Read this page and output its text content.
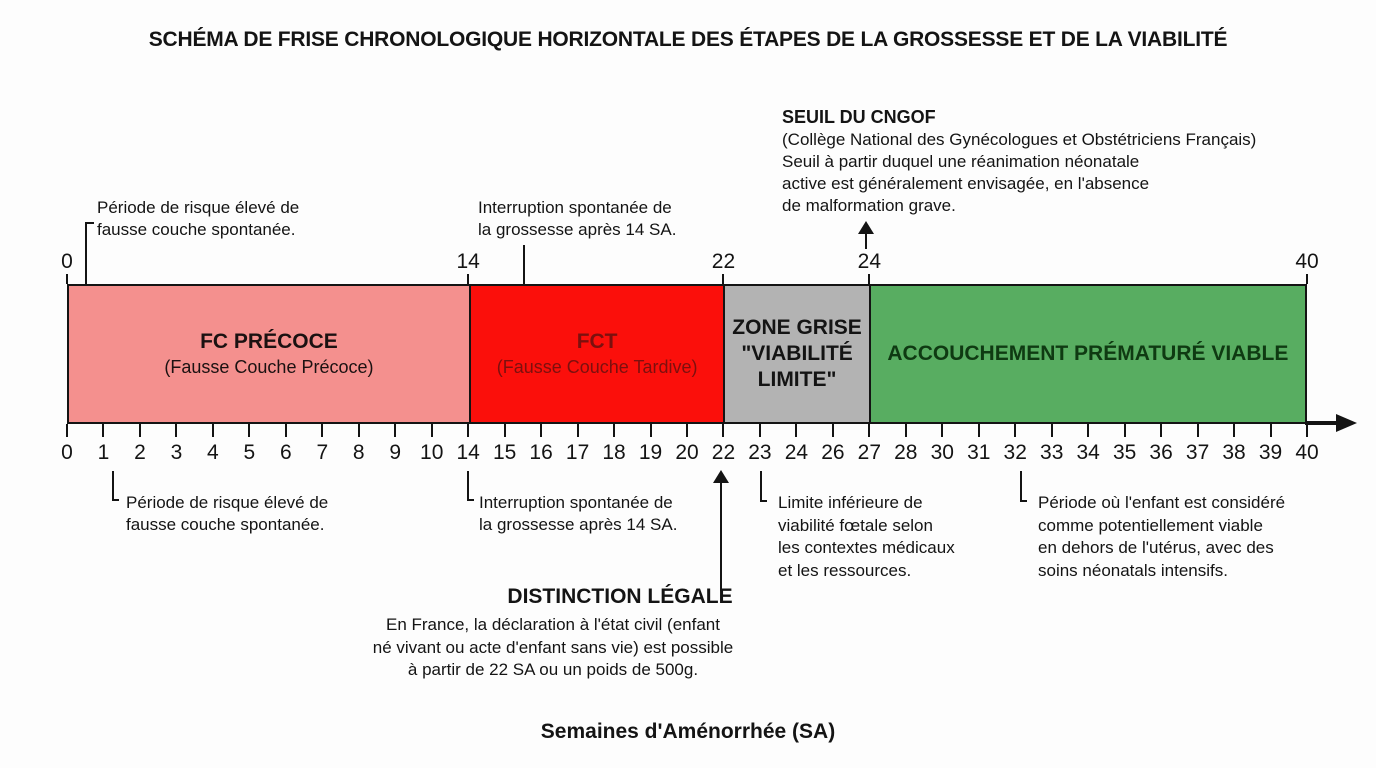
SCHÉMA DE FRISE CHRONOLOGIQUE HORIZONTALE DES ÉTAPES DE LA GROSSESSE ET DE LA VIABILITÉ
SEUIL DU CNGOF
(Collège National des Gynécologues et Obstétriciens Français)
Seuil à partir duquel une réanimation néonatale
active est généralement envisagée, en l'absence
de malformation grave.
Période de risque élevé de
fausse couche spontanée.
Interruption spontanée de
la grossesse après 14 SA.
0	14	22	24	40
FC PRÉCOCE
(Fausse Couche Précoce)
FCT
(Fausse Couche Tardive)
ZONE GRISE
"VIABILITÉ
LIMITE"
ACCOUCHEMENT PRÉMATURÉ VIABLE
0 1 2 3 4 5 6 7 8 9 10 14 15 16 17 18 19 20 22 23 24 26 27 28 30 31 32 33 34 35 36 37 38 39 40
Période de risque élevé de
fausse couche spontanée.
Interruption spontanée de
la grossesse après 14 SA.
DISTINCTION LÉGALE
En France, la déclaration à l'état civil (enfant
né vivant ou acte d'enfant sans vie) est possible
à partir de 22 SA ou un poids de 500g.
Limite inférieure de
viabilité fœtale selon
les contextes médicaux
et les ressources.
Période où l'enfant est considéré
comme potentiellement viable
en dehors de l'utérus, avec des
soins néonatals intensifs.
Semaines d'Aménorrhée (SA)
